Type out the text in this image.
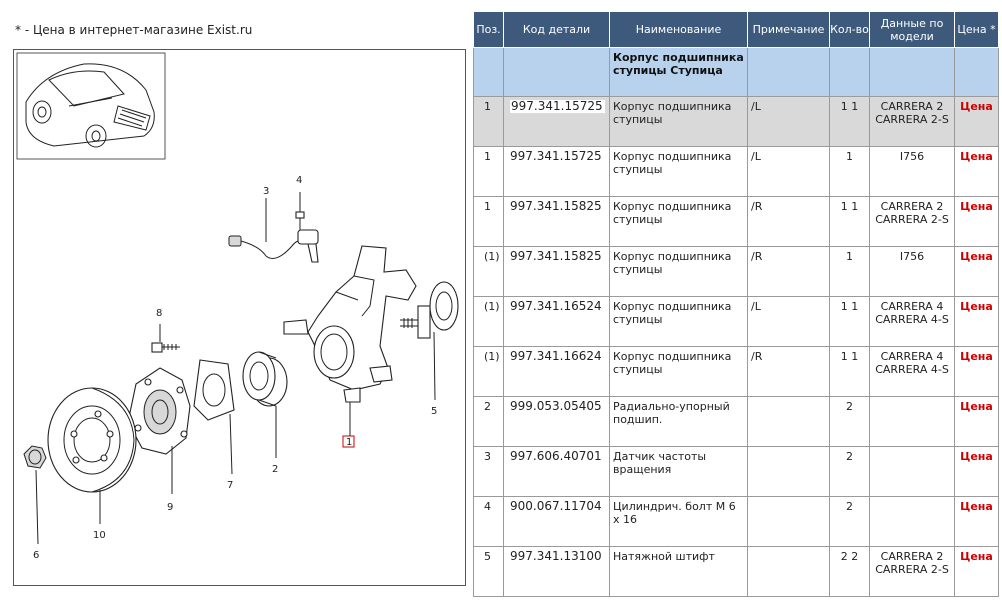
* - Цена в интернет-магазине Exist.ru
3
4
8
5
1
2
7
9
10
6
Поз.	Код детали	Наименование	Примечание	Кол-во	Данные по модели	Цена *
		Корпус подшипника ступицы Ступица				
1	997.341.15725	Корпус подшипника ступицы	/L	1 1	CARRERA 2 CARRERA 2-S	Цена
1	997.341.15725	Корпус подшипника ступицы	/L	1	I756	Цена
1	997.341.15825	Корпус подшипника ступицы	/R	1 1	CARRERA 2 CARRERA 2-S	Цена
(1)	997.341.15825	Корпус подшипника ступицы	/R	1	I756	Цена
(1)	997.341.16524	Корпус подшипника ступицы	/L	1 1	CARRERA 4 CARRERA 4-S	Цена
(1)	997.341.16624	Корпус подшипника ступицы	/R	1 1	CARRERA 4 CARRERA 4-S	Цена
2	999.053.05405	Радиально-упорный подшип.		2		Цена
3	997.606.40701	Датчик частоты вращения		2		Цена
4	900.067.11704	Цилиндрич. болт М 6 х 16		2		Цена
5	997.341.13100	Натяжной штифт		2 2	CARRERA 2 CARRERA 2-S	Цена
